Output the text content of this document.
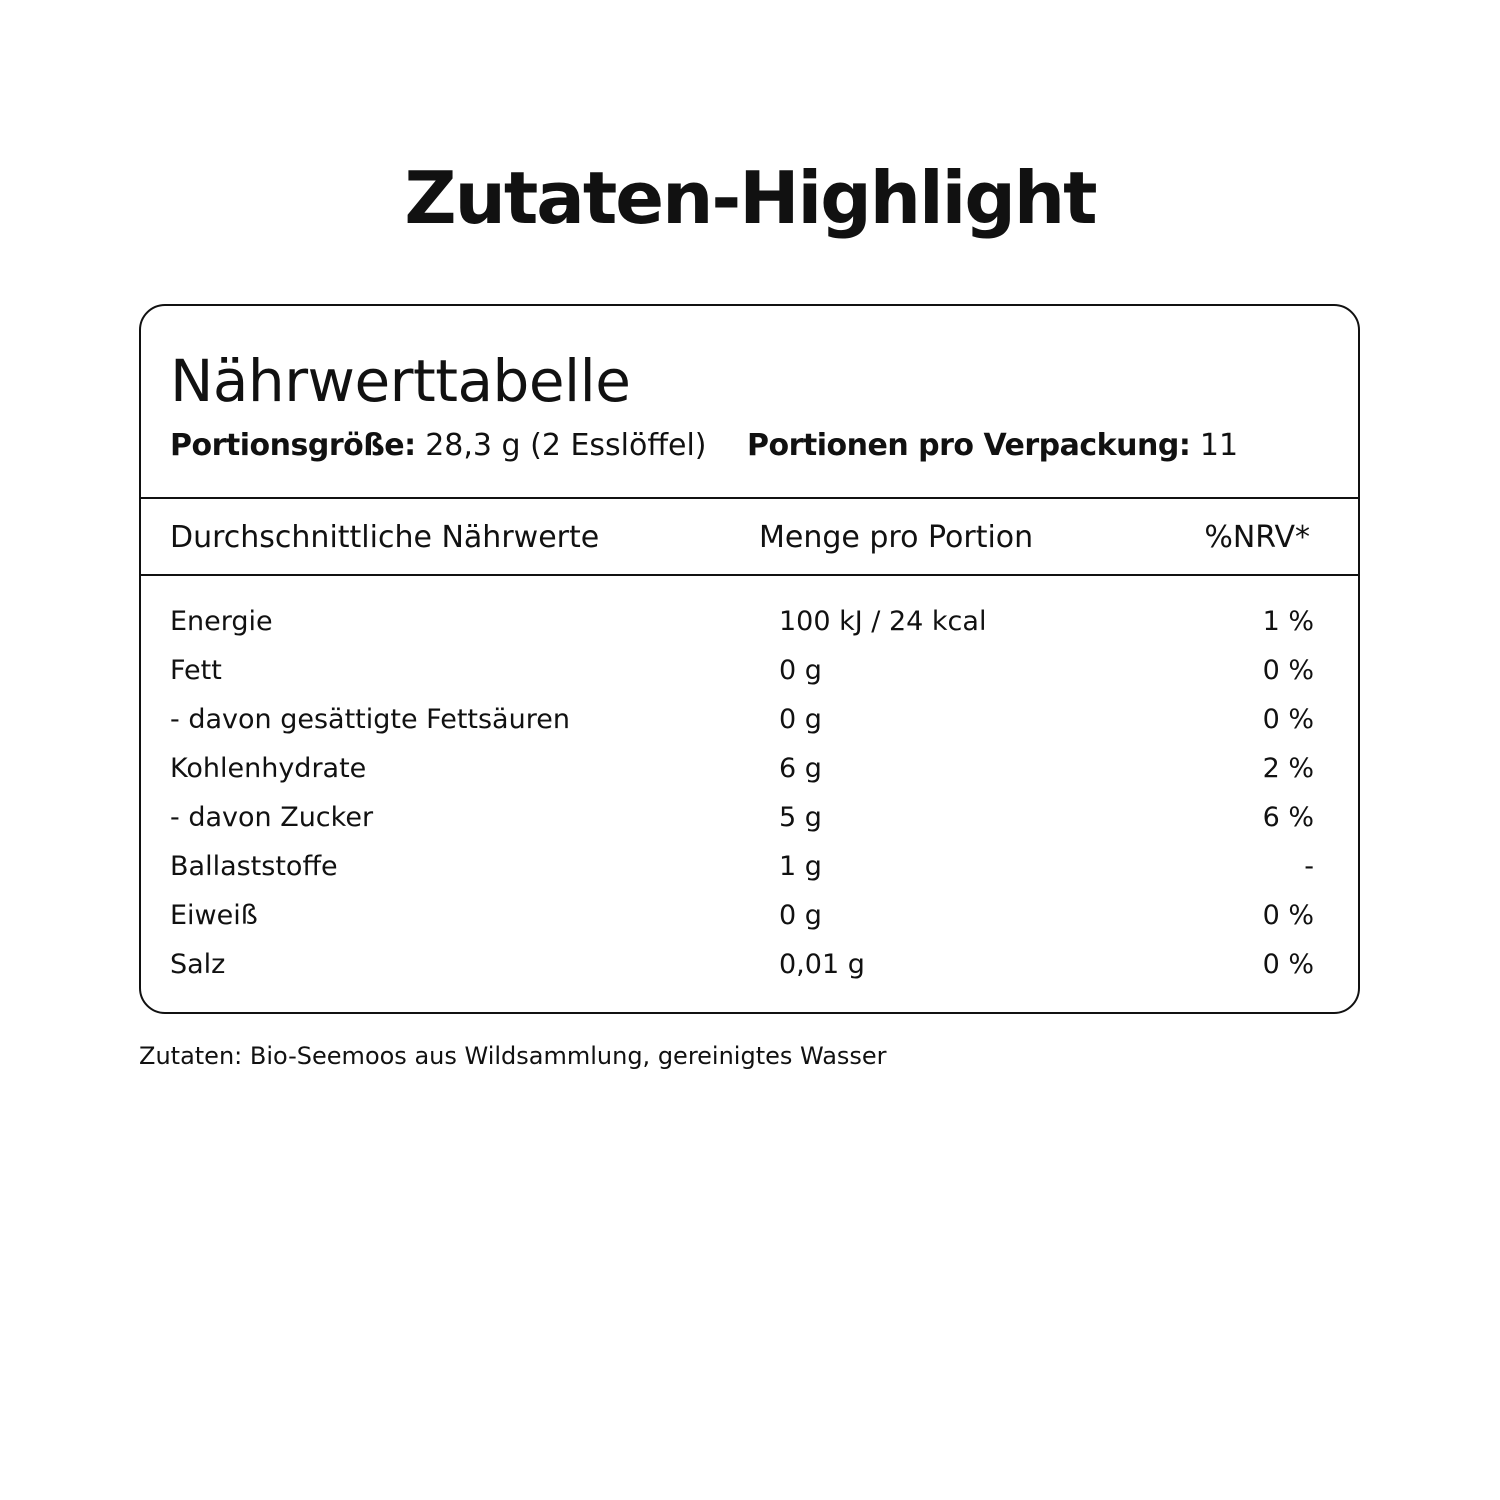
Zutaten-Highlight
Nährwerttabelle
Portionsgröße: 28,3 g (2 Esslöffel) Portionen pro Verpackung: 11
Durchschnittliche Nährwerte	Menge pro Portion	%NRV*
Energie	100 kJ / 24 kcal	1 %
Fett	0 g	0 %
- davon gesättigte Fettsäuren	0 g	0 %
Kohlenhydrate	6 g	2 %
- davon Zucker	5 g	6 %
Ballaststoffe	1 g	-
Eiweiß	0 g	0 %
Salz	0,01 g	0 %
Zutaten: Bio-Seemoos aus Wildsammlung, gereinigtes Wasser
